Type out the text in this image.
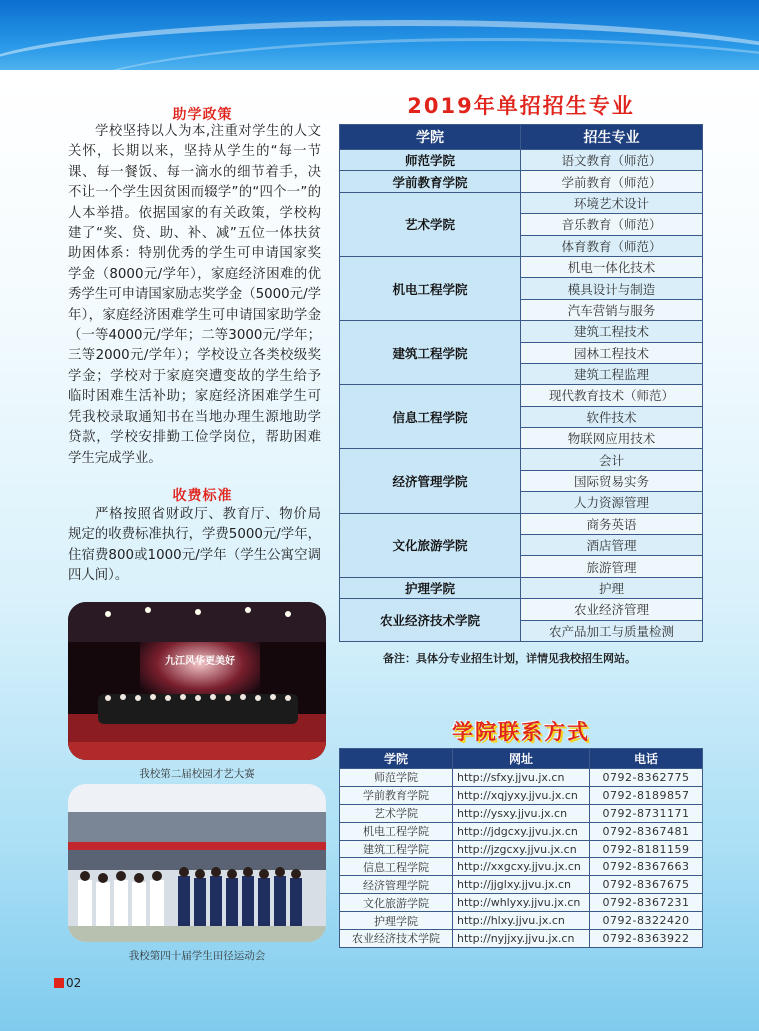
助学政策
学校坚持以人为本,注重对学生的人文关怀，长期以来，坚持从学生的“每一节课、每一餐饭、每一滴水的细节着手，决不让一个学生因贫困而辍学”的“四个一”的人本举措。依据国家的有关政策，学校构建了“奖、贷、助、补、减”五位一体扶贫助困体系：特别优秀的学生可申请国家奖学金（8000元/学年），家庭经济困难的优秀学生可申请国家励志奖学金（5000元/学年），家庭经济困难学生可申请国家助学金（一等4000元/学年；二等3000元/学年；三等2000元/学年）；学校设立各类校级奖学金；学校对于家庭突遭变故的学生给予临时困难生活补助；家庭经济困难学生可凭我校录取通知书在当地办理生源地助学贷款，学校安排勤工俭学岗位，帮助困难学生完成学业。
收费标准
严格按照省财政厅、教育厅、物价局规定的收费标准执行，学费5000元/学年，住宿费800或1000元/学年（学生公寓空调四人间）。
九江风华更美好
我校第二届校园才艺大赛
我校第四十届学生田径运动会
2019年单招招生专业
学院	招生专业
师范学院	语文教育（师范）
学前教育学院	学前教育（师范）
艺术学院	环境艺术设计
	音乐教育（师范）
	体育教育（师范）
机电工程学院	机电一体化技术
	模具设计与制造
	汽车营销与服务
建筑工程学院	建筑工程技术
	园林工程技术
	建筑工程监理
信息工程学院	现代教育技术（师范）
	软件技术
	物联网应用技术
经济管理学院	会计
	国际贸易实务
	人力资源管理
文化旅游学院	商务英语
	酒店管理
	旅游管理
护理学院	护理
农业经济技术学院	农业经济管理
	农产品加工与质量检测
备注：具体分专业招生计划，详情见我校招生网站。
学院联系方式
学院	网址	电话
师范学院	http://sfxy.jjvu.jx.cn	0792-8362775
学前教育学院	http://xqjyxy.jjvu.jx.cn	0792-8189857
艺术学院	http://ysxy.jjvu.jx.cn	0792-8731171
机电工程学院	http://jdgcxy.jjvu.jx.cn	0792-8367481
建筑工程学院	http://jzgcxy.jjvu.jx.cn	0792-8181159
信息工程学院	http://xxgcxy.jjvu.jx.cn	0792-8367663
经济管理学院	http://jjglxy.jjvu.jx.cn	0792-8367675
文化旅游学院	http://whlyxy.jjvu.jx.cn	0792-8367231
护理学院	http://hlxy.jjvu.jx.cn	0792-8322420
农业经济技术学院	http://nyjjxy.jjvu.jx.cn	0792-8363922
02
